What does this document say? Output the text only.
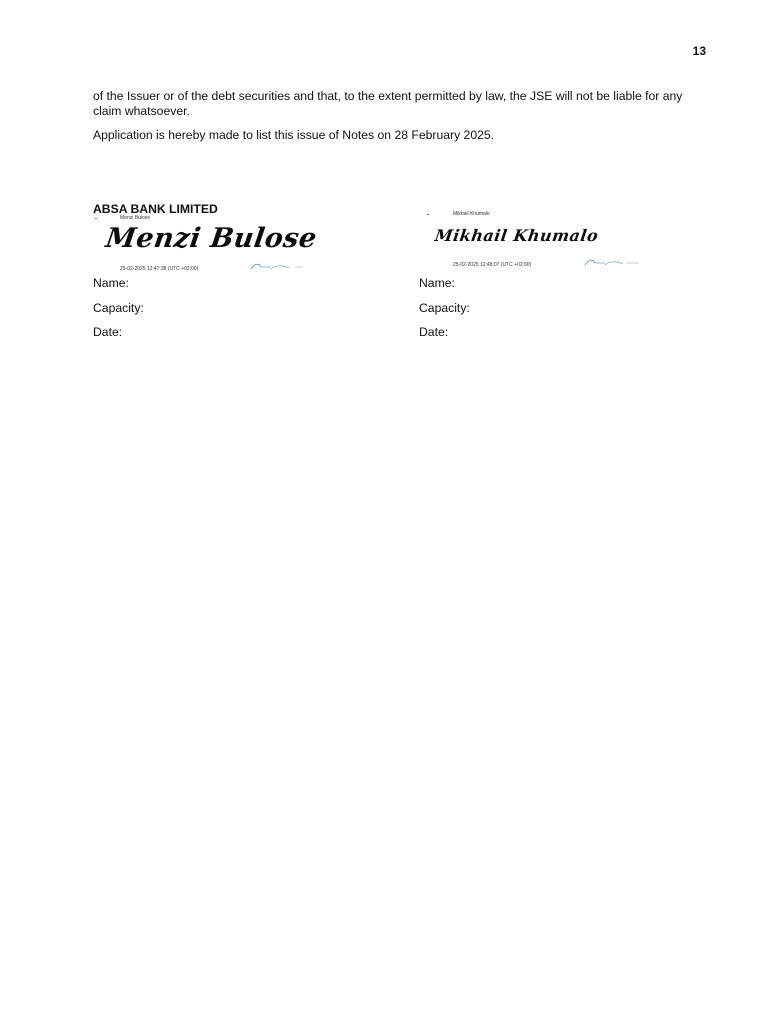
13

of the Issuer or of the debt securities and that, to the extent permitted by law, the JSE will not be liable for any claim whatsoever.

Application is hereby made to list this issue of Notes on 28 February 2025.

ABSA BANK LIMITED

Menzi Bulose
Menzi Bulose
25-02-2025 12:47:38 (UTC +02:00)
Mikhail Khumalo
Mikhail Khumalo
25-02-2025 12:48:07 (UTC +02:00)

Name:

Capacity:

Date:

Name:

Capacity:

Date:
